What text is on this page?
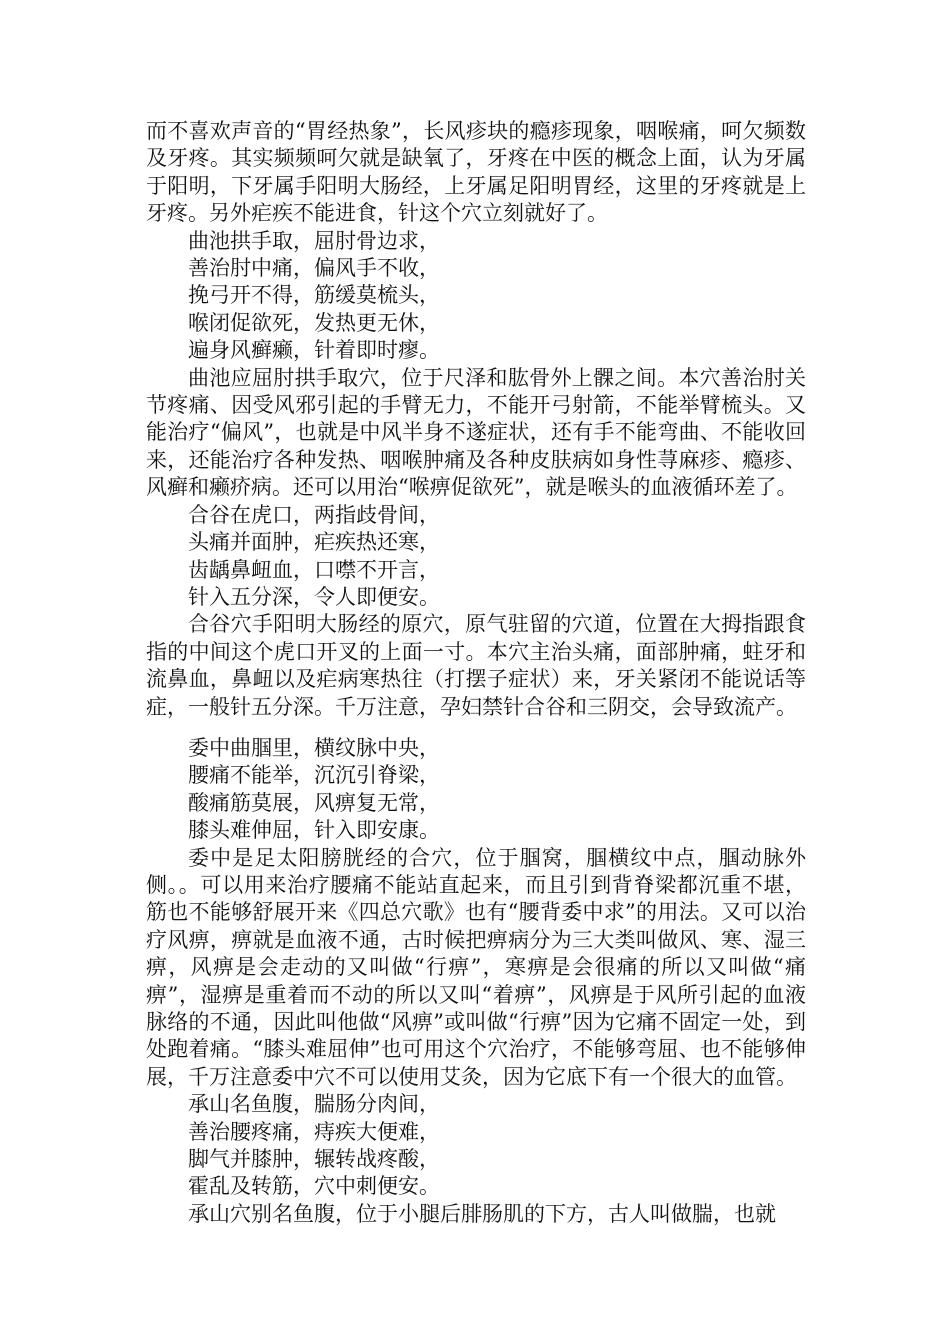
而不喜欢声音的“胃经热象”，长风疹块的瘾疹现象，咽喉痛，呵欠频数及牙疼。其实频频呵欠就是缺氧了，牙疼在中医的概念上面，认为牙属于阳明，下牙属手阳明大肠经，上牙属足阳明胃经，这里的牙疼就是上牙疼。另外疟疾不能进食，针这个穴立刻就好了。

曲池拱手取，屈肘骨边求，

善治肘中痛，偏风手不收，

挽弓开不得，筋缓莫梳头，

喉闭促欲死，发热更无休，

遍身风癣癞，针着即时瘳。

曲池应屈肘拱手取穴，位于尺泽和肱骨外上髁之间。本穴善治肘关节疼痛、因受风邪引起的手臂无力，不能开弓射箭，不能举臂梳头。又能治疗“偏风”，也就是中风半身不遂症状，还有手不能弯曲、不能收回来，还能治疗各种发热、咽喉肿痛及各种皮肤病如身性荨麻疹、瘾疹、风癣和癞疥病。还可以用治“喉痹促欲死”，就是喉头的血液循环差了。

合谷在虎口，两指歧骨间，

头痛并面肿，疟疾热还寒，

齿龋鼻衄血，口噤不开言，

针入五分深，令人即便安。

合谷穴手阳明大肠经的原穴，原气驻留的穴道，位置在大拇指跟食指的中间这个虎口开叉的上面一寸。本穴主治头痛，面部肿痛，蛀牙和流鼻血，鼻衄以及疟病寒热往（打摆子症状）来，牙关紧闭不能说话等症，一般针五分深。千万注意，孕妇禁针合谷和三阴交，会导致流产。

委中曲腘里，横纹脉中央，

腰痛不能举，沉沉引脊梁，

酸痛筋莫展，风痹复无常，

膝头难伸屈，针入即安康。

委中是足太阳膀胱经的合穴，位于腘窝，腘横纹中点，腘动脉外侧。。可以用来治疗腰痛不能站直起来，而且引到背脊梁都沉重不堪，筋也不能够舒展开来《四总穴歌》也有“腰背委中求”的用法。又可以治疗风痹，痹就是血液不通，古时候把痹病分为三大类叫做风、寒、湿三痹，风痹是会走动的又叫做“行痹”，寒痹是会很痛的所以又叫做“痛痹”，湿痹是重着而不动的所以又叫“着痹”，风痹是于风所引起的血液脉络的不通，因此叫他做“风痹”或叫做“行痹”因为它痛不固定一处，到处跑着痛。“膝头难屈伸”也可用这个穴治疗，不能够弯屈、也不能够伸展，千万注意委中穴不可以使用艾灸，因为它底下有一个很大的血管。

承山名鱼腹，腨肠分肉间，

善治腰疼痛，痔疾大便难，

脚气并膝肿，辗转战疼酸，

霍乱及转筋，穴中刺便安。

承山穴别名鱼腹，位于小腿后腓肠肌的下方，古人叫做腨，也就
